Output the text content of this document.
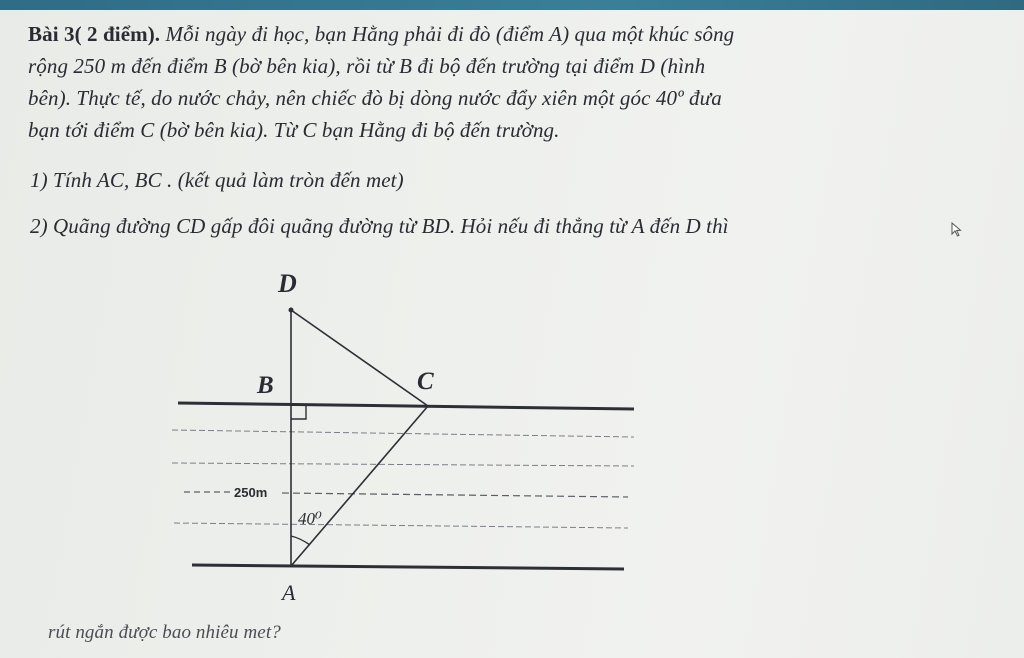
Bài 3( 2 điểm). Mỗi ngày đi học, bạn Hằng phải đi đò (điểm A) qua một khúc sông
rộng 250 m đến điểm B (bờ bên kia), rồi từ B đi bộ đến trường tại điểm D (hình
bên). Thực tế, do nước chảy, nên chiếc đò bị dòng nước đẩy xiên một góc 40º đưa
bạn tới điểm C (bờ bên kia). Từ C bạn Hằng đi bộ đến trường.
1) Tính AC, BC . (kết quả làm tròn đến met)
2) Quãng đường CD gấp đôi quãng đường từ BD. Hỏi nếu đi thẳng từ A đến D thì
rút ngắn được bao nhiêu met?
D
B	C
A
250m
40⁰
